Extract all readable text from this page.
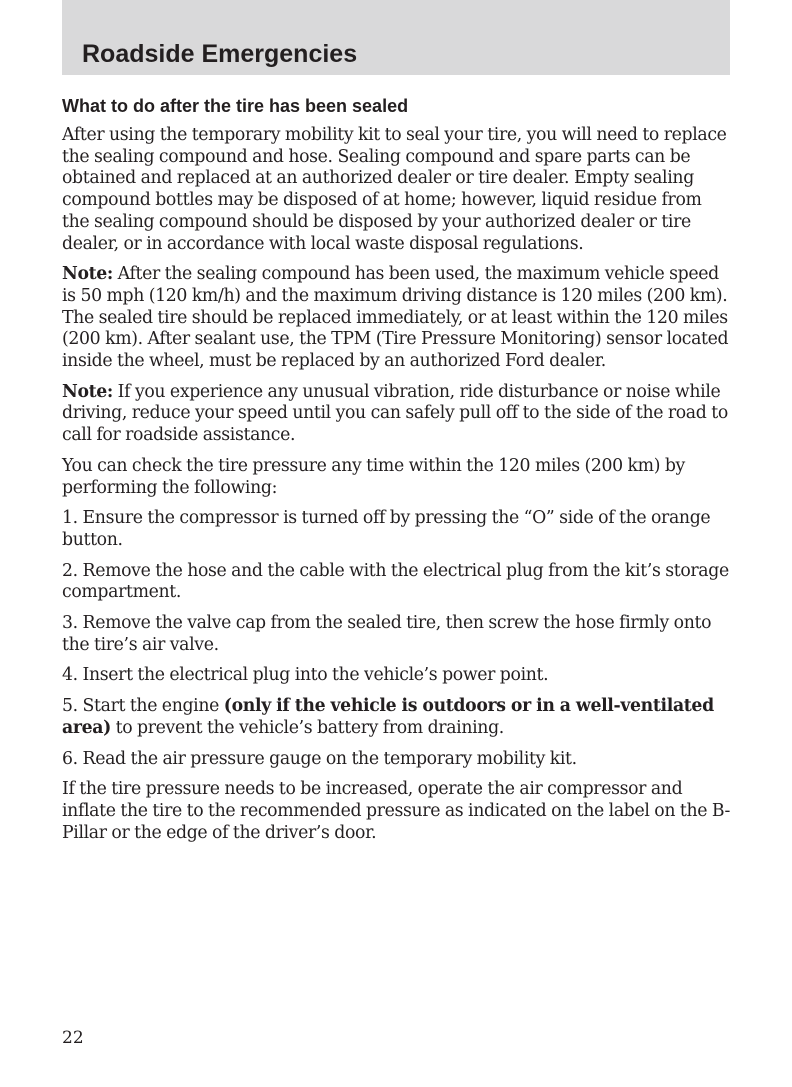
Roadside Emergencies
What to do after the tire has been sealed

After using the temporary mobility kit to seal your tire, you will need to replace the sealing compound and hose. Sealing compound and spare parts can be obtained and replaced at an authorized dealer or tire dealer. Empty sealing compound bottles may be disposed of at home; however, liquid residue from the sealing compound should be disposed by your authorized dealer or tire dealer, or in accordance with local waste disposal regulations.

Note: After the sealing compound has been used, the maximum vehicle speed is 50 mph (120 km/h) and the maximum driving distance is 120 miles (200 km). The sealed tire should be replaced immediately, or at least within the 120 miles (200 km). After sealant use, the TPM (Tire Pressure Monitoring) sensor located inside the wheel, must be replaced by an authorized Ford dealer.

Note: If you experience any unusual vibration, ride disturbance or noise while driving, reduce your speed until you can safely pull off to the side of the road to call for roadside assistance.

You can check the tire pressure any time within the 120 miles (200 km) by performing the following:

1. Ensure the compressor is turned off by pressing the “O” side of the orange button.

2. Remove the hose and the cable with the electrical plug from the kit’s storage compartment.

3. Remove the valve cap from the sealed tire, then screw the hose firmly onto the tire’s air valve.

4. Insert the electrical plug into the vehicle’s power point.

5. Start the engine (only if the vehicle is outdoors or in a well-ventilated area) to prevent the vehicle’s battery from draining.

6. Read the air pressure gauge on the temporary mobility kit.

If the tire pressure needs to be increased, operate the air compressor and inflate the tire to the recommended pressure as indicated on the label on the B-Pillar or the edge of the driver’s door.

22
